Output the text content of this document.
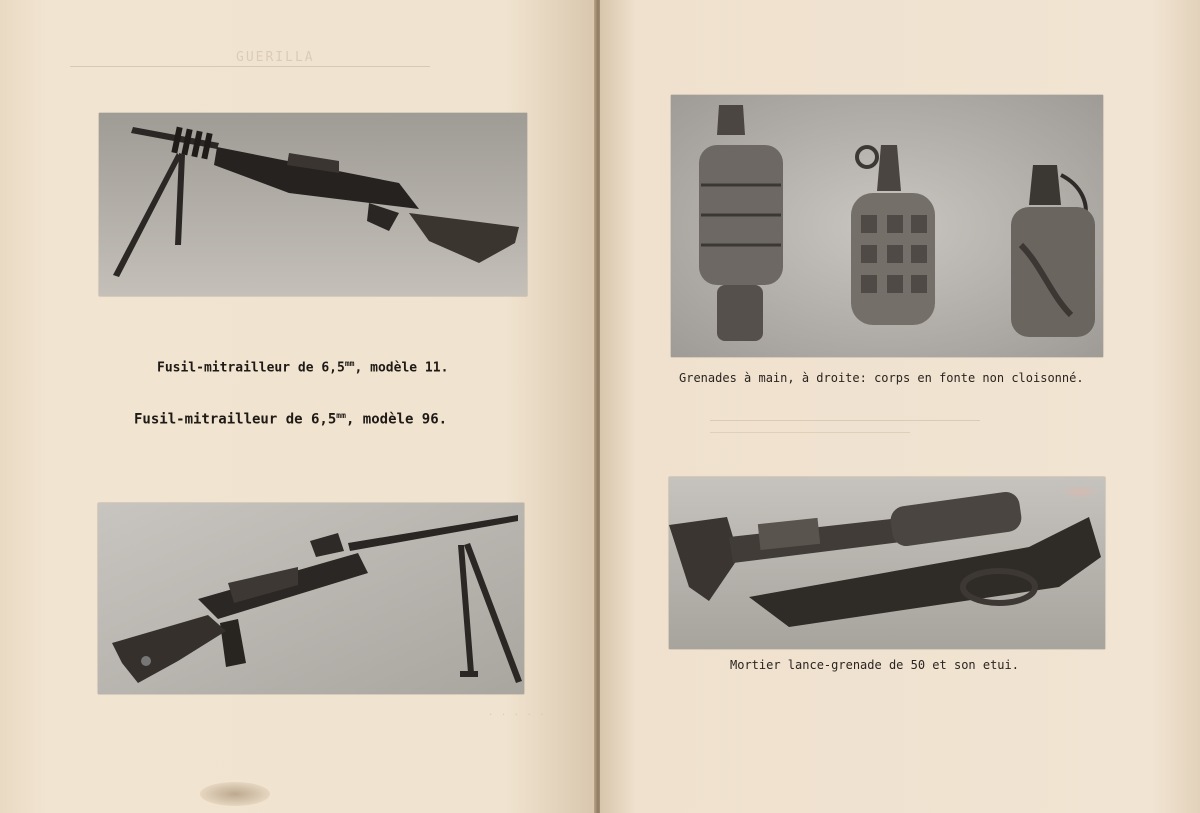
GUERILLA
Fusil-mitrailleur de $6,5^{mm}$, modèle 11.
Fusil-mitrailleur de $6,5^{mm}$, modèle 96.
. . . . .
Grenades à main, à droite: corps en fonte non cloisonné.
Mortier lance-grenade de 50 et son etui.
